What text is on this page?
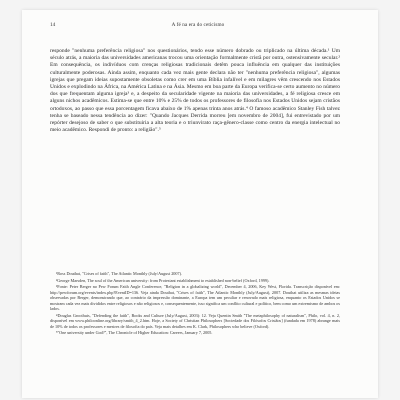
14	A fé na era do ceticismo

responde "nenhuma preferência religiosa" nos questionários, tendo esse número dobrado ou triplicado na última década.¹ Um século atrás, a maioria das universidades americanas trocou uma orientação formalmente cristã por outra, ostensivamente secular.² Em consequência, os indivíduos com crenças religiosas tradicionais detêm pouca influência em qualquer das instituições culturalmente poderosas. Ainda assim, enquanto cada vez mais gente declara não ter "nenhuma preferência religiosa", algumas igrejas que pregam ideias supostamente obsoletas como crer em uma Bíblia infalível e em milagres vêm crescendo nos Estados Unidos e explodindo na África, na América Latina e na Ásia. Mesmo em boa parte da Europa verifica-se certo aumento no número dos que frequentam alguma igreja³ e, a despeito da secularidade vigente na maioria das universidades, a fé religiosa cresce em alguns nichos acadêmicos. Estima-se que entre 10% e 25% de todos os professores de filosofia nos Estados Unidos sejam cristãos ortodoxos, ao passo que essa porcentagem ficava abaixo de 1% apenas trinta anos atrás.⁴ O famoso acadêmico Stanley Fish talvez tenha se baseado nessa tendência ao dizer: "Quando Jacques Derrida morreu [em novembro de 2004], fui entrevistado por um repórter desejoso de saber o que substituiria a alta teoria e o triunvirato raça-gênero-classe como centro da energia intelectual no meio acadêmico. Respondi de pronto: a religião".⁵

¹Ross Douthat, "Crises of faith", The Atlantic Monthly (July/August 2007).

²George Marsden, The soul of the American university: from Protestant establishment to established non-belief (Oxford, 1999).

³Fonte: Peter Berger no Pew Forum Faith Angle Conference, "Religion in a globalizing world", December 4, 2006, Key West, Florida. Transcrição disponível em: http://pewforum.org/events/index.php?EventID=136. Veja ainda Douthat, "Crises of faith", The Atlantic Monthly (July/August), 2007. Douthat utiliza as mesmas ideias observadas por Berger, demonstrando que, ao contrário da impressão dominante, a Europa tem um peculiar e renovado mais religiosa, enquanto os Estados Unidos se mostram cada vez mais divididos entre religiosos e não religiosos e, consequentemente, isso significa um conflito cultural e político, bem como um extremismo de ambos os lados.

⁴Douglas Groothuis, "Defending the faith", Books and Culture (July/August, 2003): 12. Veja Quentin Smith "The metaphilosophy of naturalism", Philo, vol. 4, n. 2, disponível em www.philoonline.org/library/smith_4_2.htm. Hoje, a Society of Christian Philosophers [Sociedade dos Filósofos Cristãos] (fundada em 1978) abrange mais de 10% de todos os professores e mestres de filosofia do país. Veja mais detalhes em K. Clark, Philosophers who believe (Oxford).

⁵"One university under God?", The Chronicle of Higher Education: Careers, January 7, 2005.
